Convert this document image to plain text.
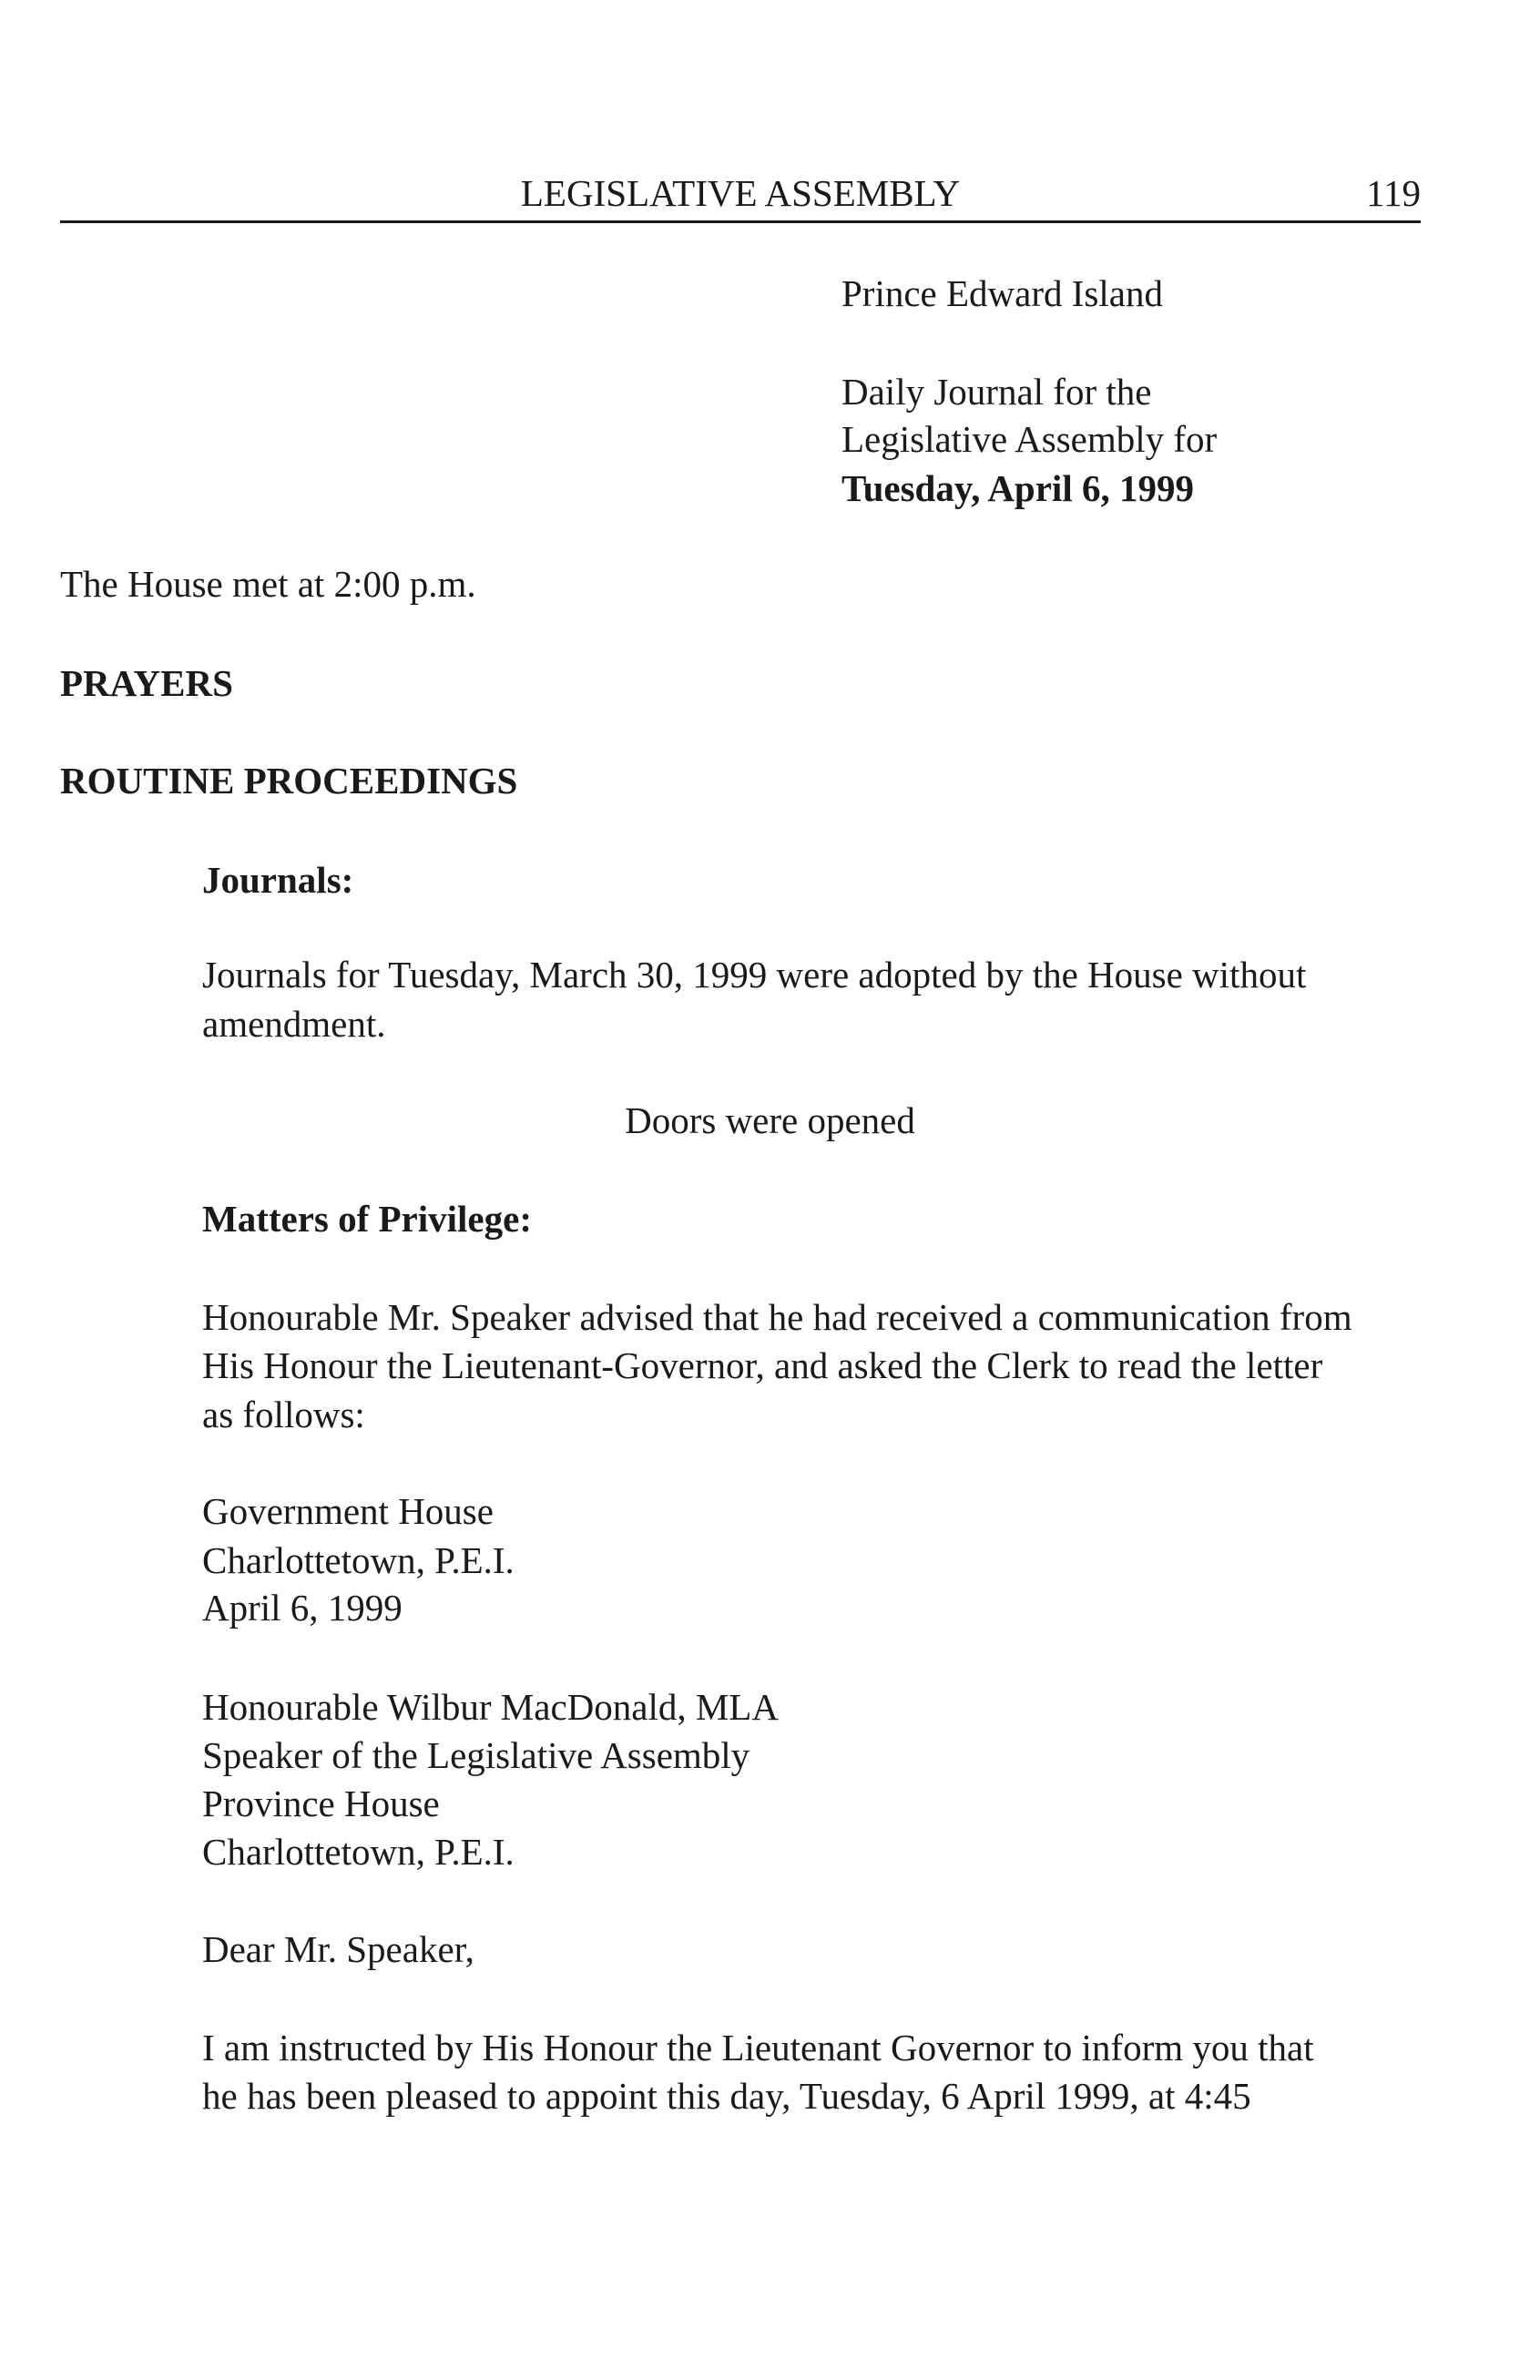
LEGISLATIVE ASSEMBLY	119

Prince Edward Island

Daily Journal for the

Legislative Assembly for

Tuesday, April 6, 1999

The House met at 2:00 p.m.

PRAYERS

ROUTINE PROCEEDINGS

Journals:

Journals for Tuesday, March 30, 1999 were adopted by the House without

amendment.

Doors were opened

Matters of Privilege:

Honourable Mr. Speaker advised that he had received a communication from

His Honour the Lieutenant-Governor, and asked the Clerk to read the letter

as follows:

Government House

Charlottetown, P.E.I.

April 6, 1999

Honourable Wilbur MacDonald, MLA

Speaker of the Legislative Assembly

Province House

Charlottetown, P.E.I.

Dear Mr. Speaker,

I am instructed by His Honour the Lieutenant Governor to inform you that

he has been pleased to appoint this day, Tuesday, 6 April 1999, at 4:45
